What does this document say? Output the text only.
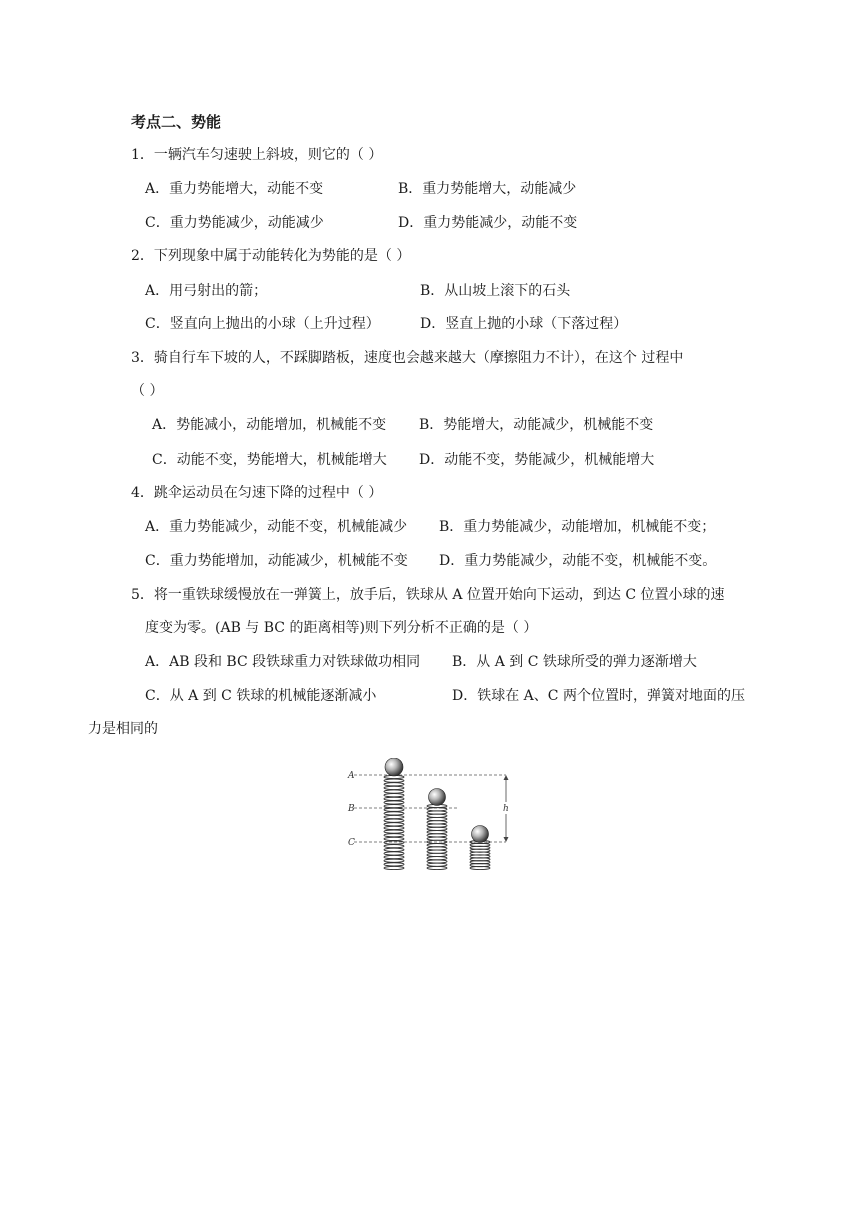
考点二、势能
1．一辆汽车匀速驶上斜坡，则它的（ ）
A．重力势能增大，动能不变	B．重力势能增大，动能减少
C．重力势能减少，动能减少	D．重力势能减少，动能不变
2．下列现象中属于动能转化为势能的是（ ）
A．用弓射出的箭；	B．从山坡上滚下的石头
C．竖直向上抛出的小球（上升过程）	D．竖直上抛的小球（下落过程）
3．骑自行车下坡的人，不踩脚踏板，速度也会越来越大（摩擦阻力不计），在这个 过程中
（ ）
A．势能减小，动能增加，机械能不变 B．势能增大，动能减少，机械能不变
C．动能不变，势能增大，机械能增大 D．动能不变，势能减少，机械能增大
4．跳伞运动员在匀速下降的过程中（ ）
A．重力势能减少，动能不变，机械能减少 B．重力势能减少，动能增加，机械能不变；
C．重力势能增加，动能减少，机械能不变 D．重力势能减少，动能不变，机械能不变。
5．将一重铁球缓慢放在一弹簧上，放手后，铁球从 A 位置开始向下运动，到达 C 位置小球的速
度变为零。(AB 与 BC 的距离相等)则下列分析不正确的是（ ）
A．AB 段和 BC 段铁球重力对铁球做功相同 B．从 A 到 C 铁球所受的弹力逐渐增大
C．从 A 到 C 铁球的机械能逐渐减小	D．铁球在 A、C 两个位置时，弹簧对地面的压
力是相同的
A
B
C
h
